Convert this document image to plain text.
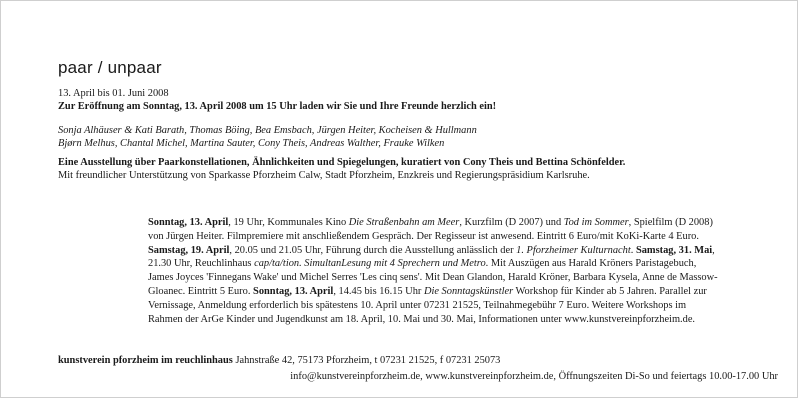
paar / unpaar
13. April bis 01. Juni 2008
Zur Eröffnung am Sonntag, 13. April 2008 um 15 Uhr laden wir Sie und Ihre Freunde herzlich ein!
Sonja Alhäuser & Kati Barath, Thomas Böing, Bea Emsbach, Jürgen Heiter, Kocheisen & Hullmann
Bjørn Melhus, Chantal Michel, Martina Sauter, Cony Theis, Andreas Walther, Frauke Wilken
Eine Ausstellung über Paarkonstellationen, Ähnlichkeiten und Spiegelungen, kuratiert von Cony Theis und Bettina Schönfelder.
Mit freundlicher Unterstützung von Sparkasse Pforzheim Calw, Stadt Pforzheim, Enzkreis und Regierungspräsidium Karlsruhe.

Sonntag, 13. April, 19 Uhr, Kommunales Kino Die Straßenbahn am Meer, Kurzfilm (D 2007) und Tod im Sommer, Spielfilm (D 2008)

von Jürgen Heiter. Filmpremiere mit anschließendem Gespräch. Der Regisseur ist anwesend. Eintritt 6 Euro/mit KoKi-Karte 4 Euro.

Samstag, 19. April, 20.05 und 21.05 Uhr, Führung durch die Ausstellung anlässlich der 1. Pforzheimer Kulturnacht. Samstag, 31. Mai,

21.30 Uhr, Reuchlinhaus cap/ta/tion. SimultanLesung mit 4 Sprechern und Metro. Mit Auszügen aus Harald Kröners Paristagebuch,

James Joyces 'Finnegans Wake' und Michel Serres 'Les cinq sens'. Mit Dean Glandon, Harald Kröner, Barbara Kysela, Anne de Massow-

Gloanec. Eintritt 5 Euro. Sonntag, 13. April, 14.45 bis 16.15 Uhr Die Sonntagskünstler Workshop für Kinder ab 5 Jahren. Parallel zur

Vernissage, Anmeldung erforderlich bis spätestens 10. April unter 07231 21525, Teilnahmegebühr 7 Euro. Weitere Workshops im

Rahmen der ArGe Kinder und Jugendkunst am 18. April, 10. Mai und 30. Mai, Informationen unter www.kunstvereinpforzheim.de.

kunstverein pforzheim im reuchlinhaus Jahnstraße 42, 75173 Pforzheim, t 07231 21525, f 07231 25073
info@kunstvereinpforzheim.de, www.kunstvereinpforzheim.de, Öffnungszeiten Di-So und feiertags 10.00-17.00 Uhr
